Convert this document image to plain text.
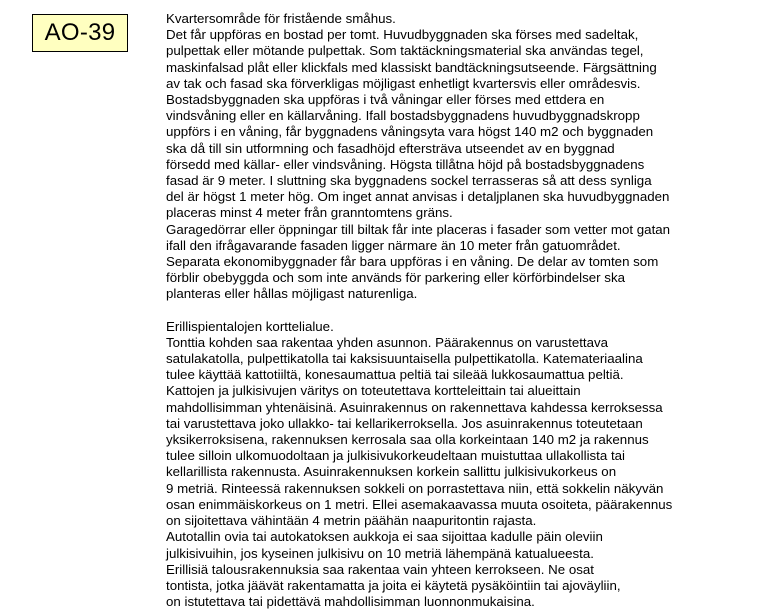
AO-39
Kvartersområde för fristående småhus.
Det får uppföras en bostad per tomt. Huvudbyggnaden ska förses med sadeltak,
pulpettak eller mötande pulpettak. Som taktäckningsmaterial ska användas tegel,
maskinfalsad plåt eller klickfals med klassiskt bandtäckningsutseende. Färgsättning
av tak och fasad ska förverkligas möjligast enhetligt kvartersvis eller områdesvis.
Bostadsbyggnaden ska uppföras i två våningar eller förses med ettdera en
vindsvåning eller en källarvåning. Ifall bostadsbyggnadens huvudbyggnadskropp
uppförs i en våning, får byggnadens våningsyta vara högst 140 m2 och byggnaden
ska då till sin utformning och fasadhöjd eftersträva utseendet av en byggnad
försedd med källar- eller vindsvåning. Högsta tillåtna höjd på bostadsbyggnadens
fasad är 9 meter. I sluttning ska byggnadens sockel terrasseras så att dess synliga
del är högst 1 meter hög. Om inget annat anvisas i detaljplanen ska huvudbyggnaden
placeras minst 4 meter från granntomtens gräns.
Garagedörrar eller öppningar till biltak får inte placeras i fasader som vetter mot gatan
ifall den ifrågavarande fasaden ligger närmare än 10 meter från gatuområdet.
Separata ekonomibyggnader får bara uppföras i en våning. De delar av tomten som
förblir obebyggda och som inte används för parkering eller körförbindelser ska
planteras eller hållas möjligast naturenliga.
Erillispientalojen korttelialue.
Tonttia kohden saa rakentaa yhden asunnon. Päärakennus on varustettava
satulakatolla, pulpettikatolla tai kaksisuuntaisella pulpettikatolla. Katemateriaalina
tulee käyttää kattotiiltä, konesaumattua peltiä tai sileää lukkosaumattua peltiä.
Kattojen ja julkisivujen väritys on toteutettava kortteleittain tai alueittain
mahdollisimman yhtenäisinä. Asuinrakennus on rakennettava kahdessa kerroksessa
tai varustettava joko ullakko- tai kellarikerroksella. Jos asuinrakennus toteutetaan
yksikerroksisena, rakennuksen kerrosala saa olla korkeintaan 140 m2 ja rakennus
tulee silloin ulkomuodoltaan ja julkisivukorkeudeltaan muistuttaa ullakollista tai
kellarillista rakennusta. Asuinrakennuksen korkein sallittu julkisivukorkeus on
9 metriä. Rinteessä rakennuksen sokkeli on porrastettava niin, että sokkelin näkyvän
osan enimmäiskorkeus on 1 metri. Ellei asemakaavassa muuta osoiteta, päärakennus
on sijoitettava vähintään 4 metrin päähän naapuritontin rajasta.
Autotallin ovia tai autokatoksen aukkoja ei saa sijoittaa kadulle päin oleviin
julkisivuihin, jos kyseinen julkisivu on 10 metriä lähempänä katualueesta.
Erillisiä talousrakennuksia saa rakentaa vain yhteen kerrokseen. Ne osat
tontista, jotka jäävät rakentamatta ja joita ei käytetä pysäköintiin tai ajoväyliin,
on istutettava tai pidettävä mahdollisimman luonnonmukaisina.
